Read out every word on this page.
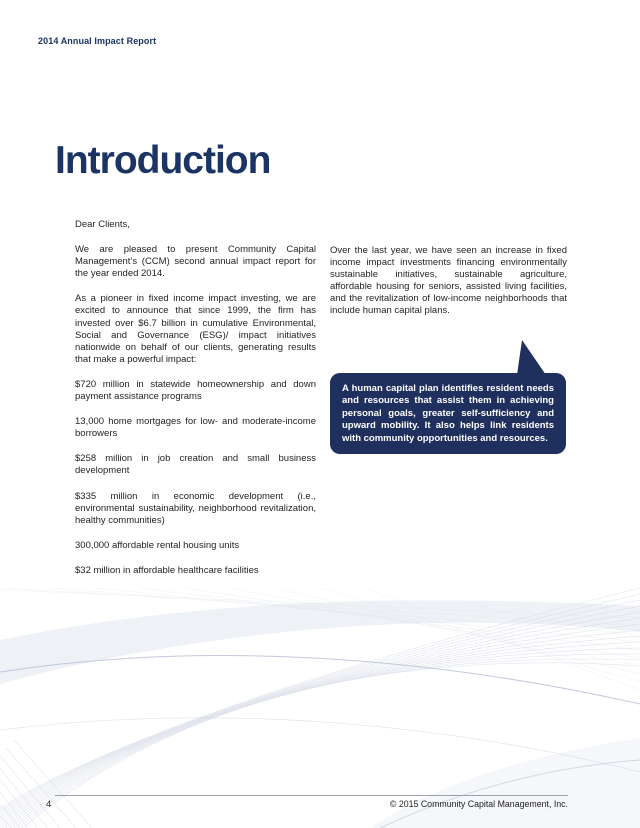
2014 Annual Impact Report
Introduction

Dear Clients,

We are pleased to present Community Capital Management’s (CCM) second annual impact report for the year ended 2014.

As a pioneer in fixed income impact investing, we are excited to announce that since 1999, the firm has invested over $6.7 billion in cumulative Environmental, Social and Governance (ESG)/ impact initiatives nationwide on behalf of our clients, generating results that make a powerful impact:

$720 million in statewide homeownership and down payment assistance programs

13,000 home mortgages for low- and moderate-income borrowers

$258 million in job creation and small business development

$335 million in economic development (i.e., environmental sustainability, neighborhood revitalization, healthy communities)

300,000 affordable rental housing units

$32 million in affordable healthcare facilities

Over the last year, we have seen an increase in fixed income impact investments financing environmentally sustainable initiatives, sustainable agriculture, affordable housing for seniors, assisted living facilities, and the revitalization of low-income neighborhoods that include human capital plans.

A human capital plan identifies resident needs and resources that assist them in achieving personal goals, greater self-sufficiency and upward mobility. It also helps link residents with community opportunities and resources.

4	© 2015 Community Capital Management, Inc.
